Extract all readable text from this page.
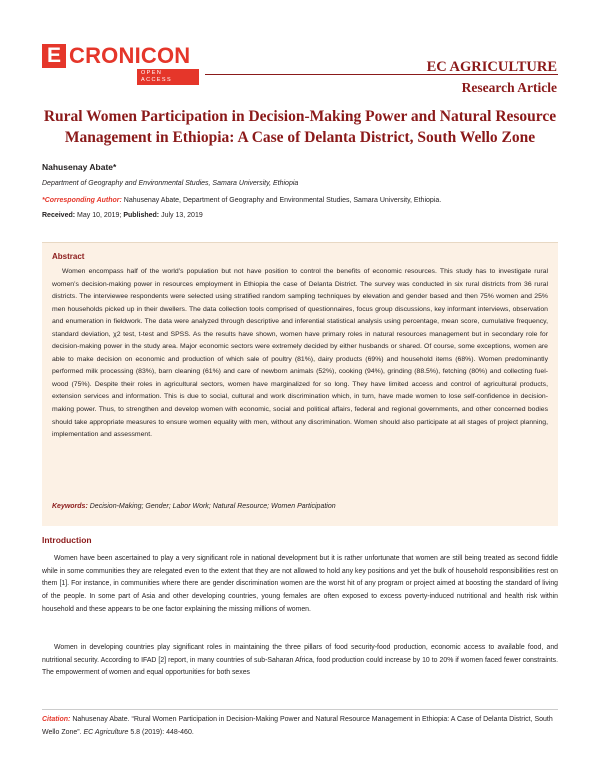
E CRONICON
OPEN ACCESS
EC AGRICULTURE
Research Article
Rural Women Participation in Decision-Making Power and Natural Resource Management in Ethiopia: A Case of Delanta District, South Wello Zone
Nahusenay Abate*
Department of Geography and Environmental Studies, Samara University, Ethiopia
*Corresponding Author: Nahusenay Abate, Department of Geography and Environmental Studies, Samara University, Ethiopia.
Received: May 10, 2019; Published: July 13, 2019
Abstract

Women encompass half of the world’s population but not have position to control the benefits of economic resources. This study has to investigate rural women’s decision-making power in resources employment in Ethiopia the case of Delanta District. The survey was conducted in six rural districts from 36 rural districts. The interviewee respondents were selected using stratified random sampling techniques by elevation and gender based and then 75% women and 25% men households picked up in their dwellers. The data collection tools comprised of questionnaires, focus group discussions, key informant interviews, observation and enumeration in fieldwork. The data were analyzed through descriptive and inferential statistical analysis using percentage, mean score, cumulative frequency, standard deviation, χ2 test, t-test and SPSS. As the results have shown, women have primary roles in natural resources management but in secondary role for decision-making power in the study area. Major economic sectors were extremely decided by either husbands or shared. Of course, some exceptions, women are able to make decision on economic and production of which sale of poultry (81%), dairy products (69%) and household items (68%). Women predominantly performed milk processing (83%), barn cleaning (61%) and care of newborn animals (52%), cooking (94%), grinding (88.5%), fetching (80%) and collecting fuel-wood (75%). Despite their roles in agricultural sectors, women have marginalized for so long. They have limited access and control of agricultural products, extension services and information. This is due to social, cultural and work discrimination which, in turn, have made women to lose self-confidence in decision-making power. Thus, to strengthen and develop women with economic, social and political affairs, federal and regional governments, and other concerned bodies should take appropriate measures to ensure women equality with men, without any discrimination. Women should also participate at all stages of project planning, implementation and assessment.

Keywords: Decision-Making; Gender; Labor Work; Natural Resource; Women Participation
Introduction

Women have been ascertained to play a very significant role in national development but it is rather unfortunate that women are still being treated as second fiddle while in some communities they are relegated even to the extent that they are not allowed to hold any key positions and yet the bulk of household responsibilities rest on them [1]. For instance, in communities where there are gender discrimination women are the worst hit of any program or project aimed at boosting the standard of living of the people. In some part of Asia and other developing countries, young females are often exposed to excess poverty-induced nutritional and health risk within household and these appears to be one factor explaining the missing millions of women.

Women in developing countries play significant roles in maintaining the three pillars of food security-food production, economic access to available food, and nutritional security. According to IFAD [2] report, in many countries of sub-Saharan Africa, food production could increase by 10 to 20% if women faced fewer constraints. The empowerment of women and equal opportunities for both sexes

Citation: Nahusenay Abate. “Rural Women Participation in Decision-Making Power and Natural Resource Management in Ethiopia: A Case of Delanta District, South Wello Zone”. EC Agriculture 5.8 (2019): 448-460.
